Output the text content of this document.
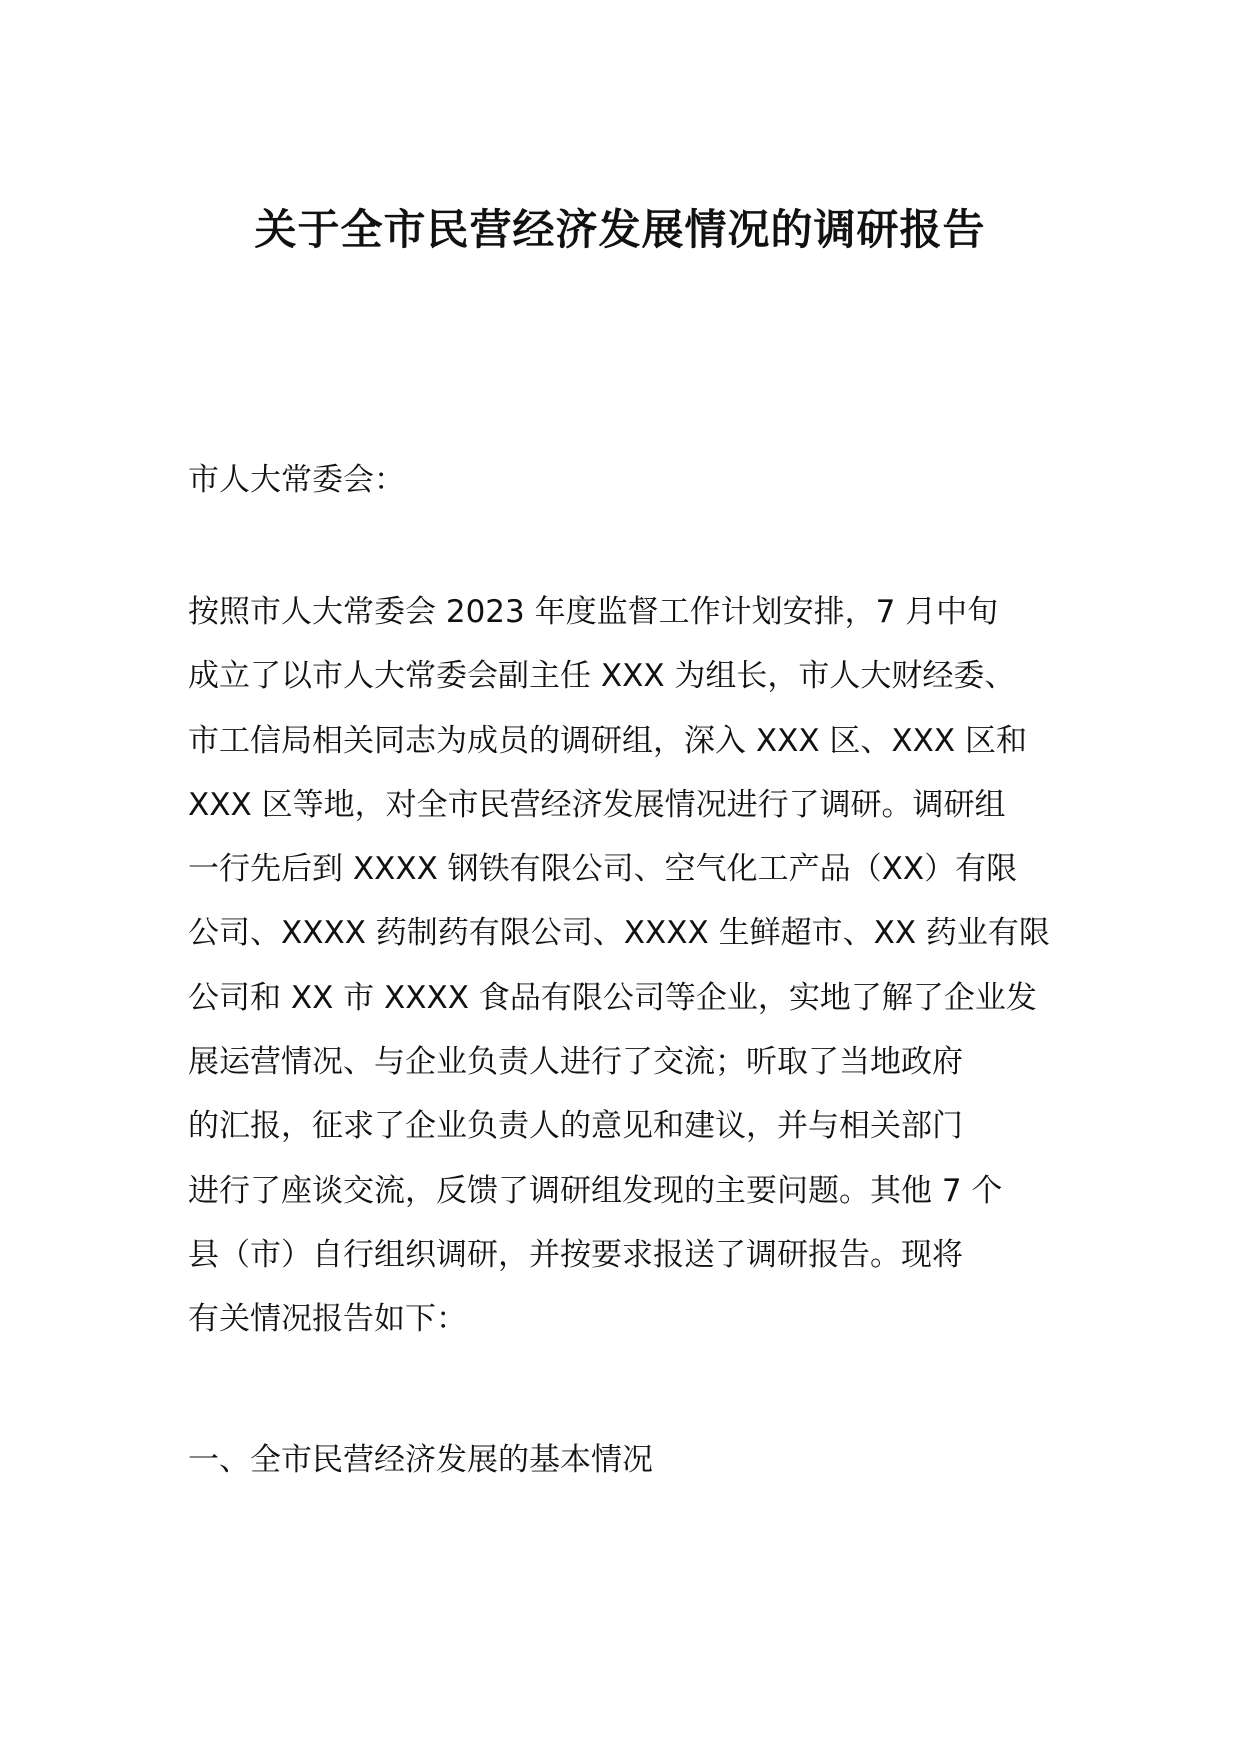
关于全市民营经济发展情况的调研报告

市人大常委会：

按照市人大常委会 2023 年度监督工作计划安排，7 月中旬
成立了以市人大常委会副主任 XXX 为组长，市人大财经委、
市工信局相关同志为成员的调研组，深入 XXX 区、XXX 区和
XXX 区等地，对全市民营经济发展情况进行了调研。调研组
一行先后到 XXXX 钢铁有限公司、空气化工产品（XX）有限
公司、XXXX 药制药有限公司、XXXX 生鲜超市、XX 药业有限
公司和 XX 市 XXXX 食品有限公司等企业，实地了解了企业发
展运营情况、与企业负责人进行了交流；听取了当地政府
的汇报，征求了企业负责人的意见和建议，并与相关部门
进行了座谈交流，反馈了调研组发现的主要问题。其他 7 个
县（市）自行组织调研，并按要求报送了调研报告。现将
有关情况报告如下：

一、全市民营经济发展的基本情况
